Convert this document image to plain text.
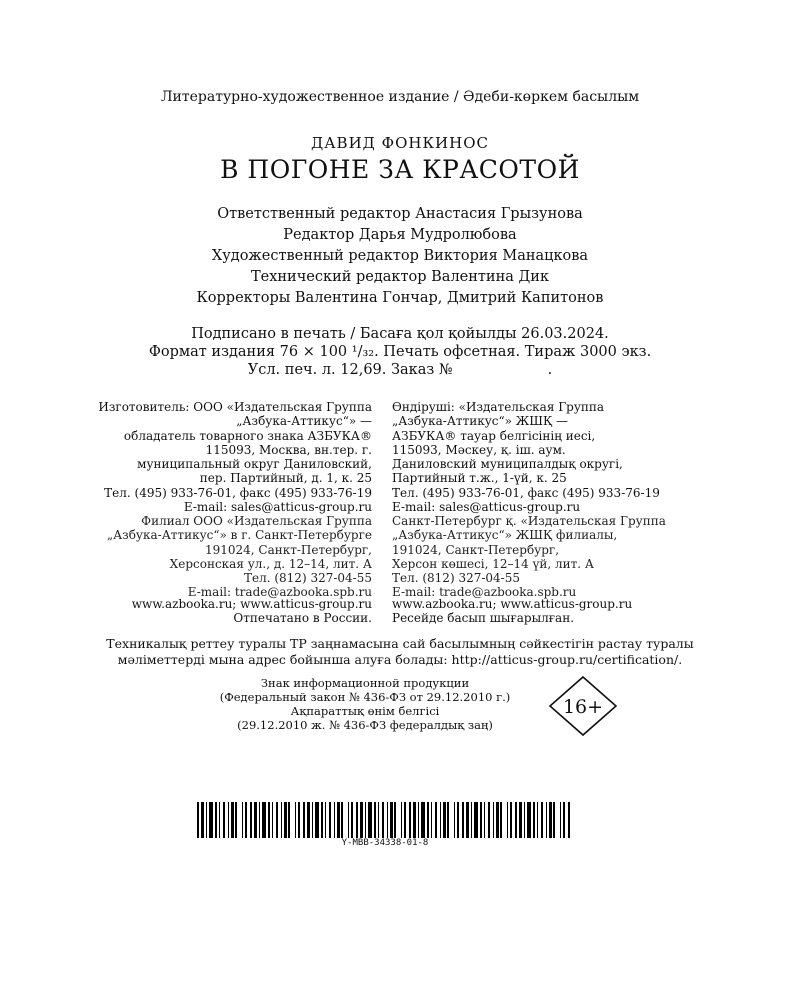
Литературно-художественное издание / Әдеби-көркем басылым
ДАВИД ФОНКИНОС
В ПОГОНЕ ЗА КРАСОТОЙ
Ответственный редактор Анастасия Грызунова
Редактор Дарья Мудролюбова
Художественный редактор Виктория Манацкова
Технический редактор Валентина Дик
Корректоры Валентина Гончар, Дмитрий Капитонов
Подписано в печать / Басаға қол қойылды 26.03.2024.
Формат издания 76 × 100 ¹/₃₂. Печать офсетная. Тираж 3000 экз.
Усл. печ. л. 12,69. Заказ №	.
Изготовитель: ООО «Издательская Группа
„Азбука-Аттикус“» —
обладатель товарного знака АЗБУКА®
115093, Москва, вн.тер. г.
муниципальный округ Даниловский,
пер. Партийный, д. 1, к. 25
Тел. (495) 933-76-01, факс (495) 933-76-19
E-mail: sales@atticus-group.ru
Өндіруші: «Издательская Группа
„Азбука-Аттикус“» ЖШҚ —
АЗБУКА® тауар белгісінің иесі,
115093, Мәскеу, қ. іш. аум.
Даниловский муниципалдық округі,
Партийный т.ж., 1-үй, к. 25
Тел. (495) 933-76-01, факс (495) 933-76-19
E-mail: sales@atticus-group.ru
Филиал ООО «Издательская Группа
„Азбука-Аттикус“» в г. Санкт-Петербурге
191024, Санкт-Петербург,
Херсонская ул., д. 12–14, лит. А
Тел. (812) 327-04-55
E-mail: trade@azbooka.spb.ru
Санкт-Петербург қ. «Издательская Группа
„Азбука-Аттикус“» ЖШҚ филиалы,
191024, Санкт-Петербург,
Херсон көшесі, 12–14 үй, лит. А
Тел. (812) 327-04-55
E-mail: trade@azbooka.spb.ru
www.azbooka.ru; www.atticus-group.ru
Отпечатано в России.
www.azbooka.ru; www.atticus-group.ru
Ресейде басып шығарылған.
Техникалық реттеу туралы ТР заңнамасына сай басылымның сәйкестігін растау туралы
мәліметтерді мына адрес бойынша алуға болады: http://atticus-group.ru/certification/.
Знак информационной продукции
(Федеральный закон № 436-ФЗ от 29.12.2010 г.)
Ақпараттық өнім белгісі
(29.12.2010 ж. № 436-ФЗ федералдық заң)
16+
Y-MBB-34338-01-8
